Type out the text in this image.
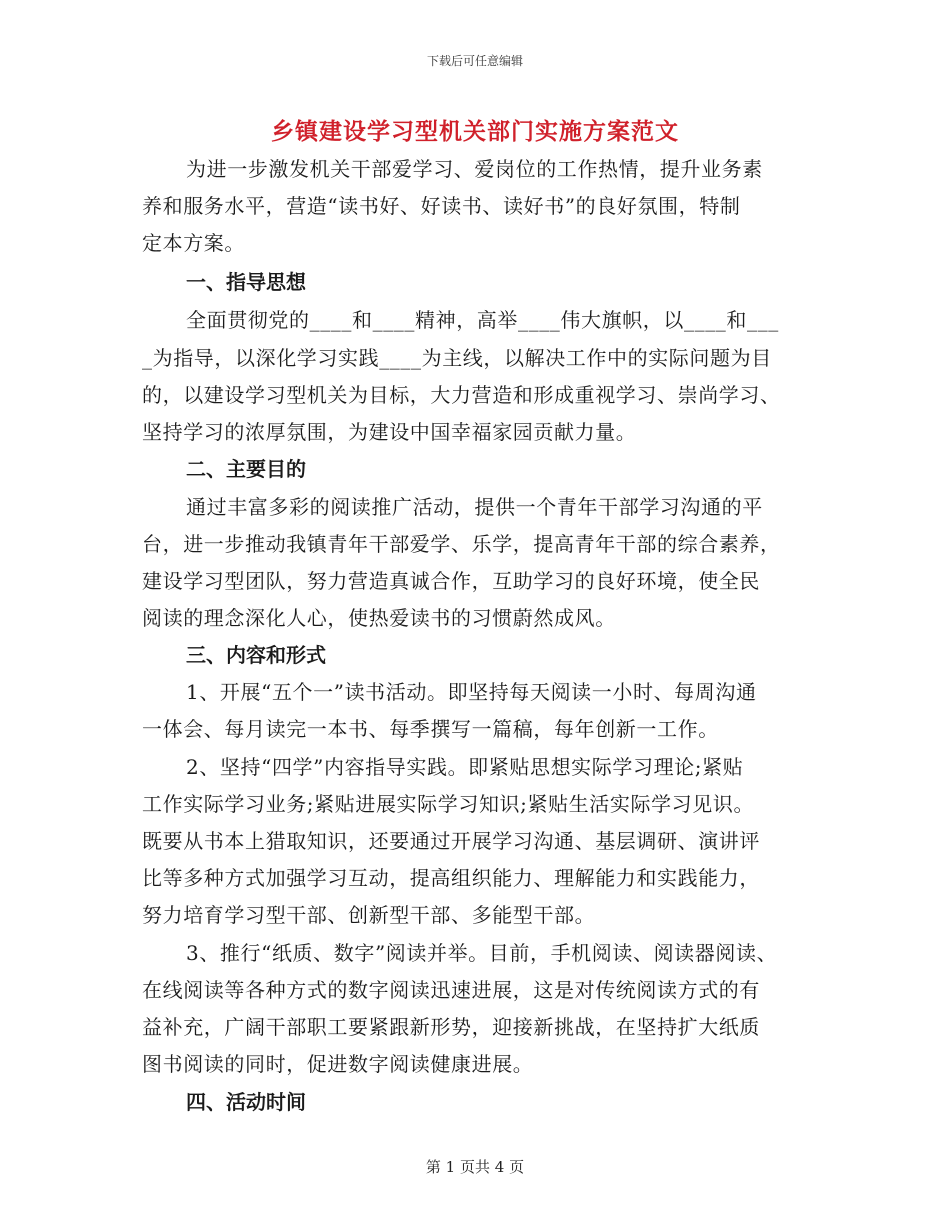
下载后可任意编辑
乡镇建设学习型机关部门实施方案范文
为进一步激发机关干部爱学习、爱岗位的工作热情，提升业务素
养和服务水平，营造“读书好、好读书、读好书”的良好氛围，特制
定本方案。
一、指导思想
全面贯彻党的____和____精神，高举____伟大旗帜，以____和___
_为指导，以深化学习实践____为主线，以解决工作中的实际问题为目
的，以建设学习型机关为目标，大力营造和形成重视学习、崇尚学习、
坚持学习的浓厚氛围，为建设中国幸福家园贡献力量。
二、主要目的
通过丰富多彩的阅读推广活动，提供一个青年干部学习沟通的平
台，进一步推动我镇青年干部爱学、乐学，提高青年干部的综合素养，
建设学习型团队，努力营造真诚合作，互助学习的良好环境，使全民
阅读的理念深化人心，使热爱读书的习惯蔚然成风。
三、内容和形式
1、开展“五个一”读书活动。即坚持每天阅读一小时、每周沟通
一体会、每月读完一本书、每季撰写一篇稿，每年创新一工作。
2、坚持“四学”内容指导实践。即紧贴思想实际学习理论;紧贴
工作实际学习业务;紧贴进展实际学习知识;紧贴生活实际学习见识。
既要从书本上猎取知识，还要通过开展学习沟通、基层调研、演讲评
比等多种方式加强学习互动，提高组织能力、理解能力和实践能力，
努力培育学习型干部、创新型干部、多能型干部。
3、推行“纸质、数字”阅读并举。目前，手机阅读、阅读器阅读、
在线阅读等各种方式的数字阅读迅速进展，这是对传统阅读方式的有
益补充，广阔干部职工要紧跟新形势，迎接新挑战，在坚持扩大纸质
图书阅读的同时，促进数字阅读健康进展。
四、活动时间
第 1 页共 4 页
